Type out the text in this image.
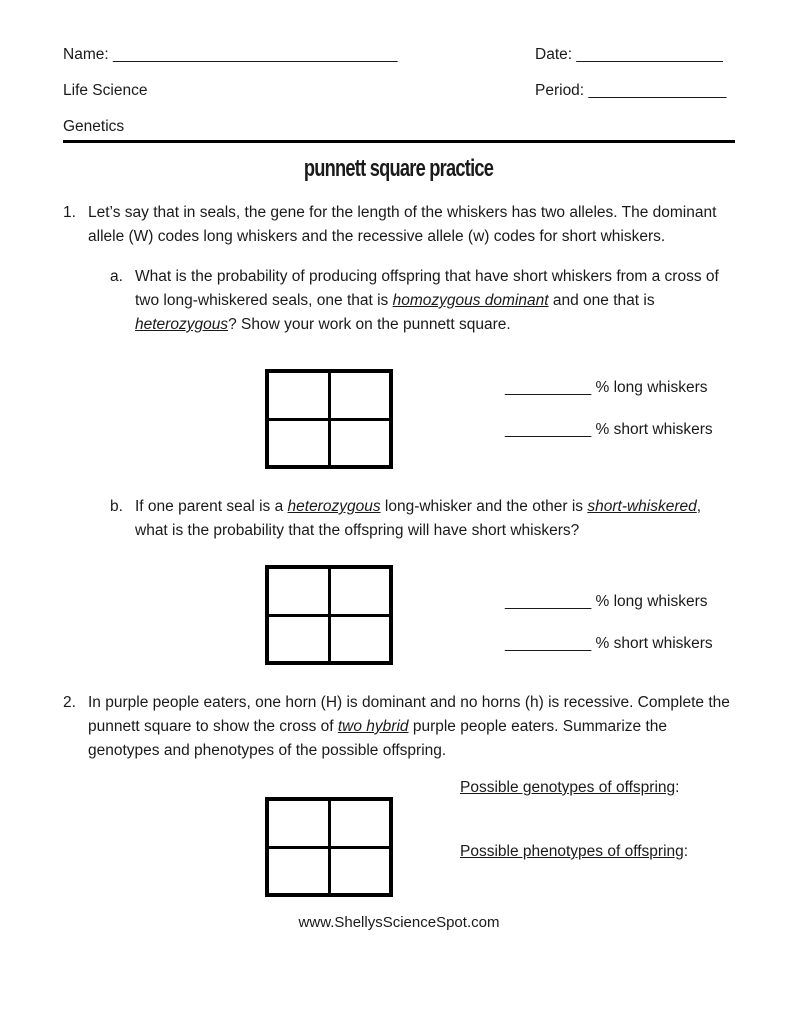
Name: _________________________________	Date: _________________
Life Science	Period: ________________
Genetics
punnett square practice

1. Let’s say that in seals, the gene for the length of the whiskers has two alleles. The dominant allele (W) codes long whiskers and the recessive allele (w) codes for short whiskers.

a. What is the probability of producing offspring that have short whiskers from a cross of two long-whiskered seals, one that is homozygous dominant and one that is heterozygous? Show your work on the punnett square.

__________ % long whiskers
__________ % short whiskers

b. If one parent seal is a heterozygous long-whisker and the other is short-whiskered, what is the probability that the offspring will have short whiskers?

__________ % long whiskers
__________ % short whiskers

2. In purple people eaters, one horn (H) is dominant and no horns (h) is recessive. Complete the punnett square to show the cross of two hybrid purple people eaters. Summarize the genotypes and phenotypes of the possible offspring.

Possible genotypes of offspring:
Possible phenotypes of offspring:
www.ShellysScienceSpot.com
